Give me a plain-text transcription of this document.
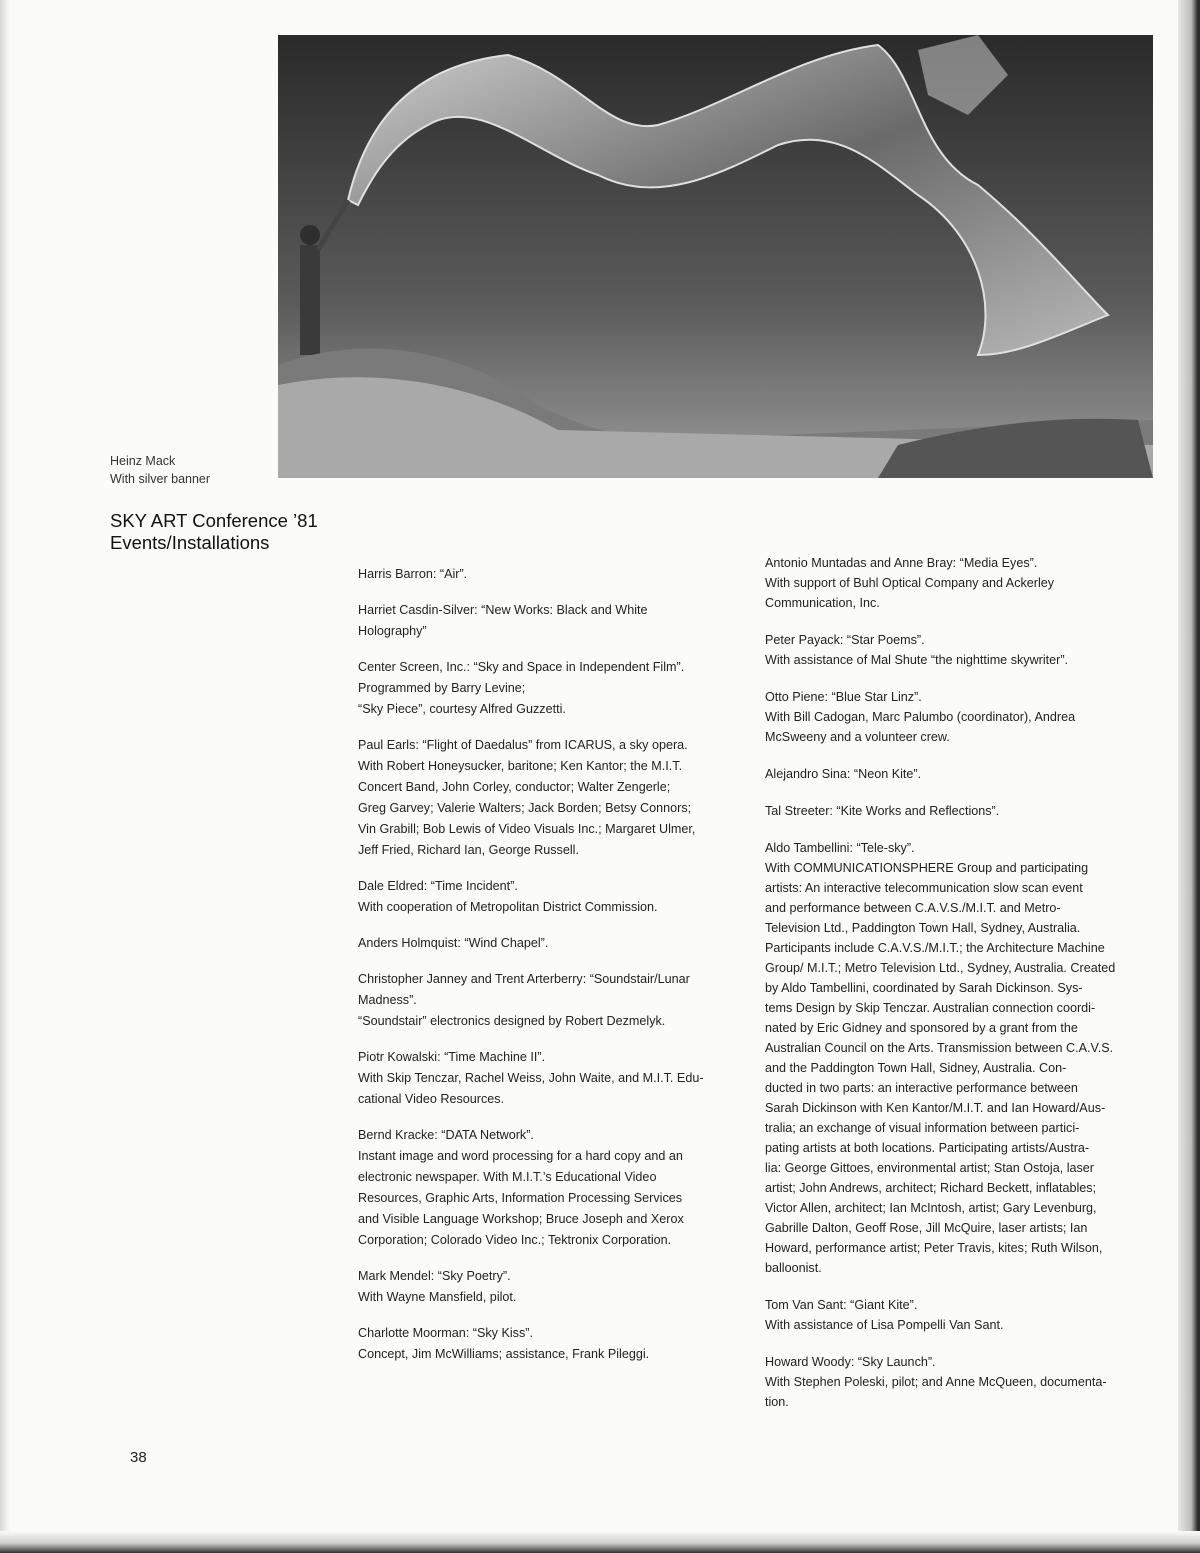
Heinz Mack
With silver banner
SKY ART Conference ’81
Events/Installations
Harris Barron: “Air”.
Harriet Casdin-Silver: “New Works: Black and White
Holography”
Center Screen, Inc.: “Sky and Space in Independent Film”.
Programmed by Barry Levine;
“Sky Piece”, courtesy Alfred Guzzetti.
Paul Earls: “Flight of Daedalus” from ICARUS, a sky opera.
With Robert Honeysucker, baritone; Ken Kantor; the M.I.T.
Concert Band, John Corley, conductor; Walter Zengerle;
Greg Garvey; Valerie Walters; Jack Borden; Betsy Connors;
Vin Grabill; Bob Lewis of Video Visuals Inc.; Margaret Ulmer,
Jeff Fried, Richard Ian, George Russell.
Dale Eldred: “Time Incident”.
With cooperation of Metropolitan District Commission.
Anders Holmquist: “Wind Chapel”.
Christopher Janney and Trent Arterberry: “Soundstair/Lunar
Madness”.
“Soundstair” electronics designed by Robert Dezmelyk.
Piotr Kowalski: “Time Machine II”.
With Skip Tenczar, Rachel Weiss, John Waite, and M.I.T. Edu-
cational Video Resources.
Bernd Kracke: “DATA Network”.
Instant image and word processing for a hard copy and an
electronic newspaper. With M.I.T.’s Educational Video
Resources, Graphic Arts, Information Processing Services
and Visible Language Workshop; Bruce Joseph and Xerox
Corporation; Colorado Video Inc.; Tektronix Corporation.
Mark Mendel: “Sky Poetry”.
With Wayne Mansfield, pilot.
Charlotte Moorman: “Sky Kiss”.
Concept, Jim McWilliams; assistance, Frank Pileggi.
Antonio Muntadas and Anne Bray: “Media Eyes”.
With support of Buhl Optical Company and Ackerley
Communication, Inc.
Peter Payack: “Star Poems”.
With assistance of Mal Shute “the nighttime skywriter”.
Otto Piene: “Blue Star Linz”.
With Bill Cadogan, Marc Palumbo (coordinator), Andrea
McSweeny and a volunteer crew.
Alejandro Sina: “Neon Kite”.
Tal Streeter: “Kite Works and Reflections”.
Aldo Tambellini: “Tele-sky”.
With COMMUNICATIONSPHERE Group and participating
artists: An interactive telecommunication slow scan event
and performance between C.A.V.S./M.I.T. and Metro-
Television Ltd., Paddington Town Hall, Sydney, Australia.
Participants include C.A.V.S./M.I.T.; the Architecture Machine
Group/ M.I.T.; Metro Television Ltd., Sydney, Australia. Created
by Aldo Tambellini, coordinated by Sarah Dickinson. Sys-
tems Design by Skip Tenczar. Australian connection coordi-
nated by Eric Gidney and sponsored by a grant from the
Australian Council on the Arts. Transmission between C.A.V.S.
and the Paddington Town Hall, Sidney, Australia. Con-
ducted in two parts: an interactive performance between
Sarah Dickinson with Ken Kantor/M.I.T. and Ian Howard/Aus-
tralia; an exchange of visual information between partici-
pating artists at both locations. Participating artists/Austra-
lia: George Gittoes, environmental artist; Stan Ostoja, laser
artist; John Andrews, architect; Richard Beckett, inflatables;
Victor Allen, architect; Ian McIntosh, artist; Gary Levenburg,
Gabrille Dalton, Geoff Rose, Jill McQuire, laser artists; Ian
Howard, performance artist; Peter Travis, kites; Ruth Wilson,
balloonist.
Tom Van Sant: “Giant Kite”.
With assistance of Lisa Pompelli Van Sant.
Howard Woody: “Sky Launch”.
With Stephen Poleski, pilot; and Anne McQueen, documenta-
tion.
38
